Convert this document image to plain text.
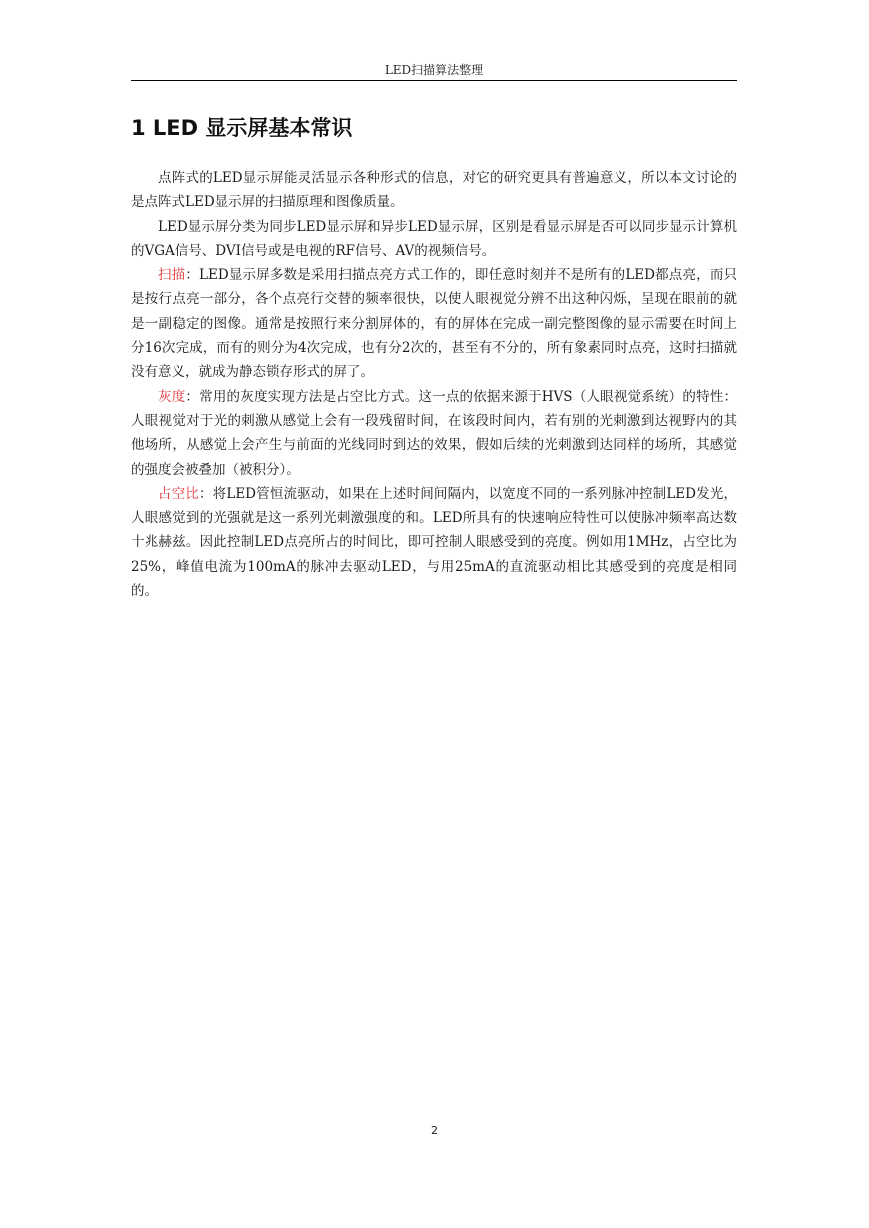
LED扫描算法整理
1 LED 显示屏基本常识

点阵式的LED显示屏能灵活显示各种形式的信息，对它的研究更具有普遍意义，所以本文讨论的是点阵式LED显示屏的扫描原理和图像质量。

LED显示屏分类为同步LED显示屏和异步LED显示屏，区别是看显示屏是否可以同步显示计算机的VGA信号、DVI信号或是电视的RF信号、AV的视频信号。

扫描：LED显示屏多数是采用扫描点亮方式工作的，即任意时刻并不是所有的LED都点亮，而只是按行点亮一部分，各个点亮行交替的频率很快，以使人眼视觉分辨不出这种闪烁，呈现在眼前的就是一副稳定的图像。通常是按照行来分割屏体的，有的屏体在完成一副完整图像的显示需要在时间上分16次完成，而有的则分为4次完成，也有分2次的，甚至有不分的，所有象素同时点亮，这时扫描就没有意义，就成为静态锁存形式的屏了。

灰度：常用的灰度实现方法是占空比方式。这一点的依据来源于HVS（人眼视觉系统）的特性：人眼视觉对于光的刺激从感觉上会有一段残留时间，在该段时间内，若有别的光刺激到达视野内的其他场所，从感觉上会产生与前面的光线同时到达的效果，假如后续的光刺激到达同样的场所，其感觉的强度会被叠加（被积分）。

占空比：将LED管恒流驱动，如果在上述时间间隔内，以宽度不同的一系列脉冲控制LED发光，人眼感觉到的光强就是这一系列光刺激强度的和。LED所具有的快速响应特性可以使脉冲频率高达数十兆赫兹。因此控制LED点亮所占的时间比，即可控制人眼感受到的亮度。例如用1MHz，占空比为25%，峰值电流为100mA的脉冲去驱动LED，与用25mA的直流驱动相比其感受到的亮度是相同的。

2
